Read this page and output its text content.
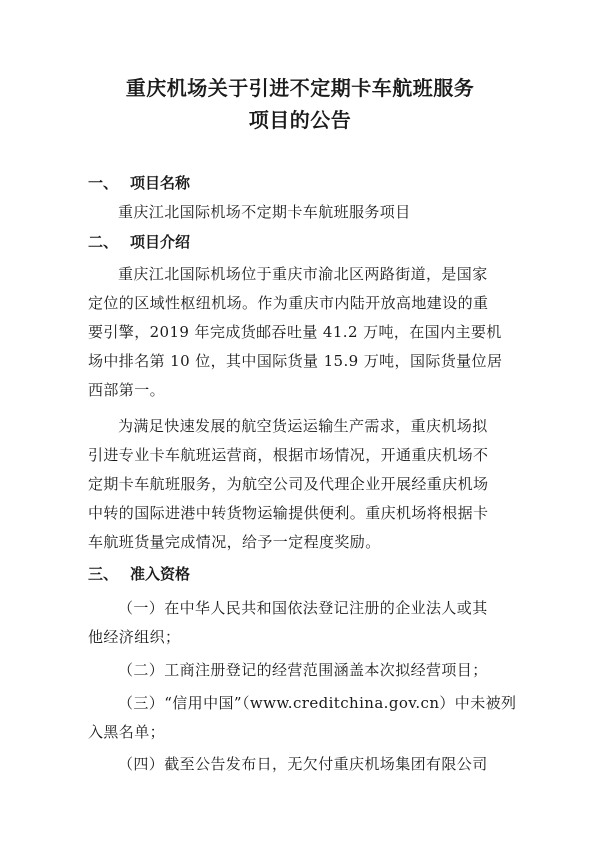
重庆机场关于引进不定期卡车航班服务
项目的公告
一、 项目名称
重庆江北国际机场不定期卡车航班服务项目
二、 项目介绍
重庆江北国际机场位于重庆市渝北区两路街道，是国家
定位的区域性枢纽机场。作为重庆市内陆开放高地建设的重
要引擎，2019 年完成货邮吞吐量 41.2 万吨，在国内主要机
场中排名第 10 位，其中国际货量 15.9 万吨，国际货量位居
西部第一。
为满足快速发展的航空货运运输生产需求，重庆机场拟
引进专业卡车航班运营商，根据市场情况，开通重庆机场不
定期卡车航班服务，为航空公司及代理企业开展经重庆机场
中转的国际进港中转货物运输提供便利。重庆机场将根据卡
车航班货量完成情况，给予一定程度奖励。
三、 准入资格
（一）在中华人民共和国依法登记注册的企业法人或其
他经济组织；
（二）工商注册登记的经营范围涵盖本次拟经营项目；
（三）“信用中国”（www.creditchina.gov.cn）中未被列
入黑名单；
（四）截至公告发布日，无欠付重庆机场集团有限公司
